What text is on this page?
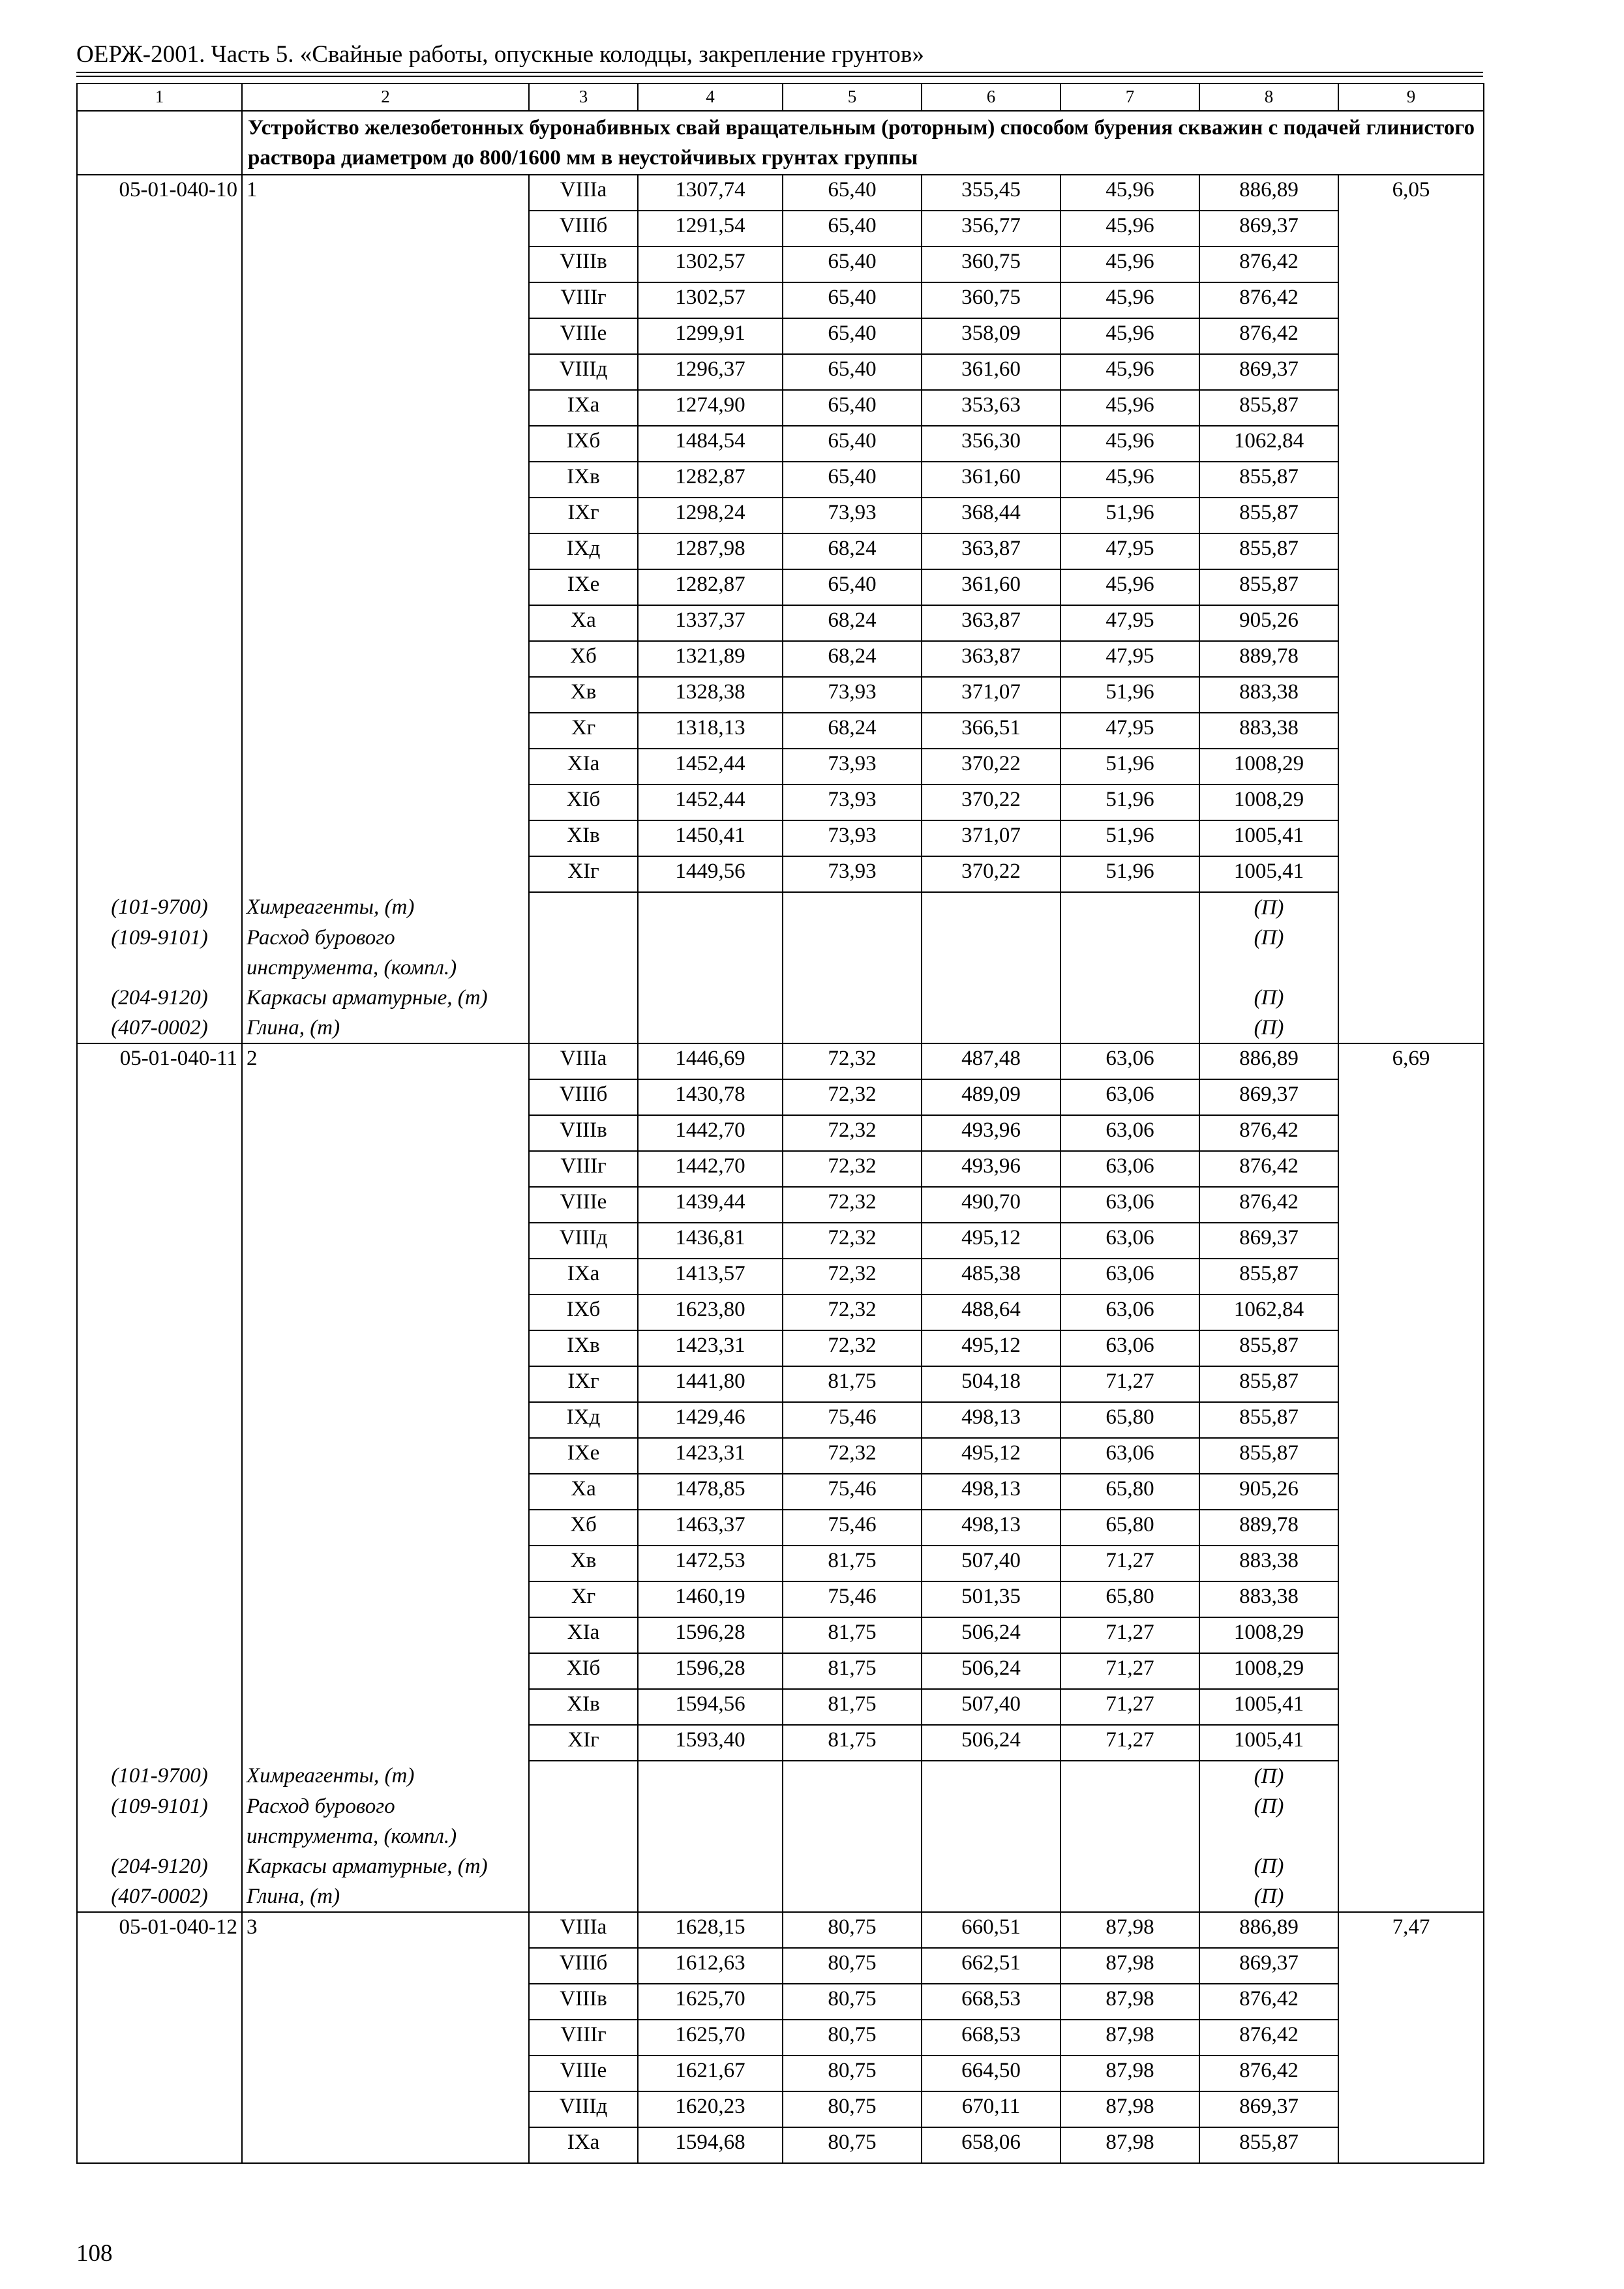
ОЕРЖ-2001. Часть 5. «Свайные работы, опускные колодцы, закрепление грунтов»
1	2	3	4	5	6	7	8	9
	Устройство железобетонных буронабивных свай вращательным (роторным) способом бурения скважин с подачей глинистого раствора диаметром до 800/1600 мм в неустойчивых грунтах группы							
05-01-040-10	1	VIIIа	1307,74	65,40	355,45	45,96	886,89	6,05
		VIIIб	1291,54	65,40	356,77	45,96	869,37	
		VIIIв	1302,57	65,40	360,75	45,96	876,42	
		VIIIг	1302,57	65,40	360,75	45,96	876,42	
		VIIIе	1299,91	65,40	358,09	45,96	876,42	
		VIIIд	1296,37	65,40	361,60	45,96	869,37	
		IXа	1274,90	65,40	353,63	45,96	855,87	
		IXб	1484,54	65,40	356,30	45,96	1062,84	
		IXв	1282,87	65,40	361,60	45,96	855,87	
		IXг	1298,24	73,93	368,44	51,96	855,87	
		IXд	1287,98	68,24	363,87	47,95	855,87	
		IXе	1282,87	65,40	361,60	45,96	855,87	
		Xа	1337,37	68,24	363,87	47,95	905,26	
		Xб	1321,89	68,24	363,87	47,95	889,78	
		Xв	1328,38	73,93	371,07	51,96	883,38	
		Xг	1318,13	68,24	366,51	47,95	883,38	
		XIа	1452,44	73,93	370,22	51,96	1008,29	
		XIб	1452,44	73,93	370,22	51,96	1008,29	
		XIв	1450,41	73,93	371,07	51,96	1005,41	
		XIг	1449,56	73,93	370,22	51,96	1005,41	
(101-9700)	Химреагенты, (т)						(П)	
(109-9101)	Расход бурового инструмента, (компл.)						(П)	
(204-9120)	Каркасы арматурные, (т)						(П)	
(407-0002)	Глина, (т)						(П)	
05-01-040-11	2	VIIIа	1446,69	72,32	487,48	63,06	886,89	6,69
		VIIIб	1430,78	72,32	489,09	63,06	869,37	
		VIIIв	1442,70	72,32	493,96	63,06	876,42	
		VIIIг	1442,70	72,32	493,96	63,06	876,42	
		VIIIе	1439,44	72,32	490,70	63,06	876,42	
		VIIIд	1436,81	72,32	495,12	63,06	869,37	
		IXа	1413,57	72,32	485,38	63,06	855,87	
		IXб	1623,80	72,32	488,64	63,06	1062,84	
		IXв	1423,31	72,32	495,12	63,06	855,87	
		IXг	1441,80	81,75	504,18	71,27	855,87	
		IXд	1429,46	75,46	498,13	65,80	855,87	
		IXе	1423,31	72,32	495,12	63,06	855,87	
		Xа	1478,85	75,46	498,13	65,80	905,26	
		Xб	1463,37	75,46	498,13	65,80	889,78	
		Xв	1472,53	81,75	507,40	71,27	883,38	
		Xг	1460,19	75,46	501,35	65,80	883,38	
		XIа	1596,28	81,75	506,24	71,27	1008,29	
		XIб	1596,28	81,75	506,24	71,27	1008,29	
		XIв	1594,56	81,75	507,40	71,27	1005,41	
		XIг	1593,40	81,75	506,24	71,27	1005,41	
(101-9700)	Химреагенты, (т)						(П)	
(109-9101)	Расход бурового инструмента, (компл.)						(П)	
(204-9120)	Каркасы арматурные, (т)						(П)	
(407-0002)	Глина, (т)						(П)	
05-01-040-12	3	VIIIа	1628,15	80,75	660,51	87,98	886,89	7,47
		VIIIб	1612,63	80,75	662,51	87,98	869,37	
		VIIIв	1625,70	80,75	668,53	87,98	876,42	
		VIIIг	1625,70	80,75	668,53	87,98	876,42	
		VIIIе	1621,67	80,75	664,50	87,98	876,42	
		VIIIд	1620,23	80,75	670,11	87,98	869,37	
		IXа	1594,68	80,75	658,06	87,98	855,87	
108
